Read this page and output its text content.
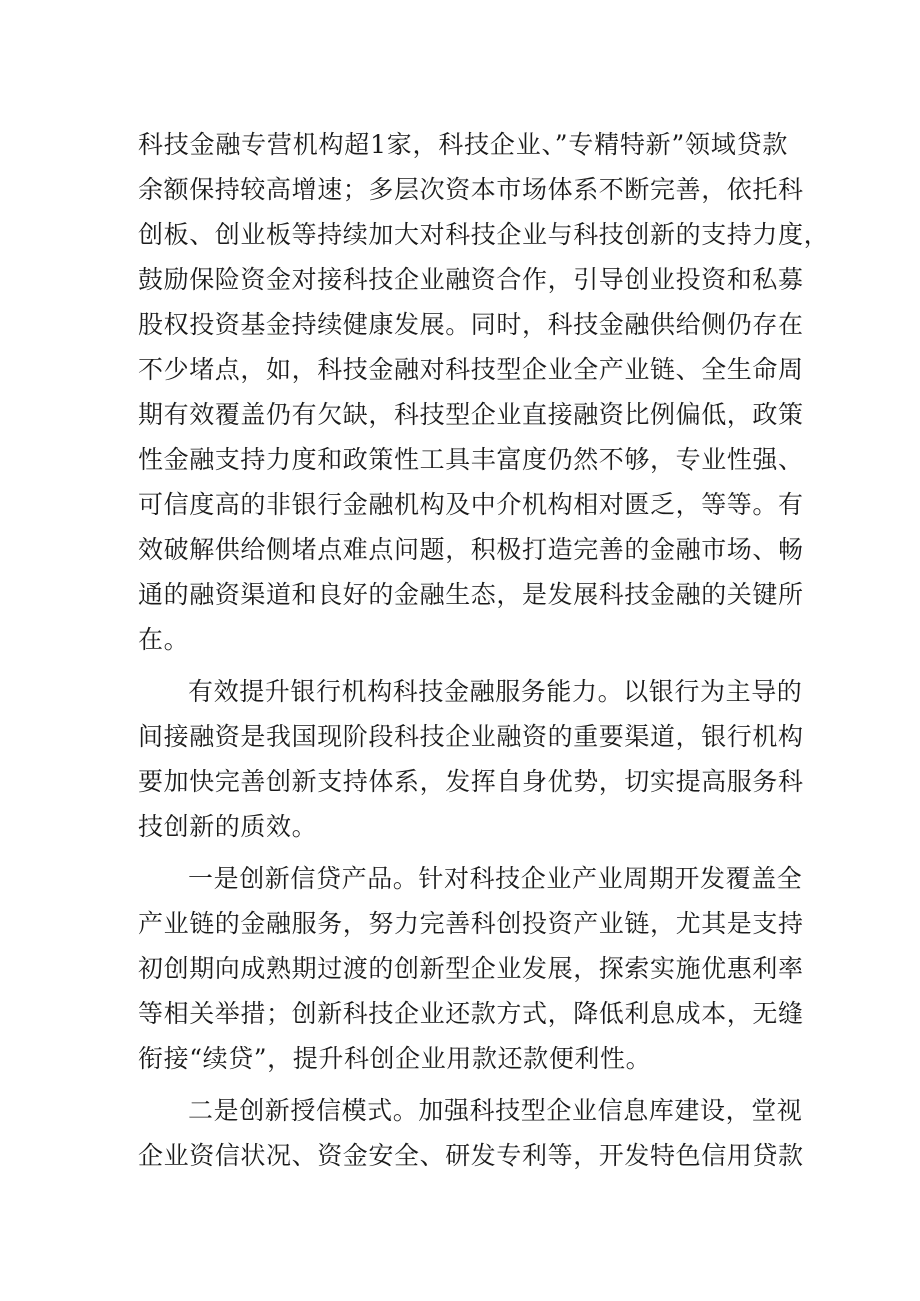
科技金融专营机构超1家，科技企业、”专精特新”领域贷款
余额保持较高增速；多层次资本市场体系不断完善，依托科
创板、创业板等持续加大对科技企业与科技创新的支持力度，
鼓励保险资金对接科技企业融资合作，引导创业投资和私募
股权投资基金持续健康发展。同时，科技金融供给侧仍存在
不少堵点，如，科技金融对科技型企业全产业链、全生命周
期有效覆盖仍有欠缺，科技型企业直接融资比例偏低，政策
性金融支持力度和政策性工具丰富度仍然不够，专业性强、
可信度高的非银行金融机构及中介机构相对匮乏，等等。有
效破解供给侧堵点难点问题，积极打造完善的金融市场、畅
通的融资渠道和良好的金融生态，是发展科技金融的关键所
在。

有效提升银行机构科技金融服务能力。以银行为主导的
间接融资是我国现阶段科技企业融资的重要渠道，银行机构
要加快完善创新支持体系，发挥自身优势，切实提高服务科
技创新的质效。

一是创新信贷产品。针对科技企业产业周期开发覆盖全
产业链的金融服务，努力完善科创投资产业链，尤其是支持
初创期向成熟期过渡的创新型企业发展，探索实施优惠利率
等相关举措；创新科技企业还款方式，降低利息成本，无缝
衔接“续贷”，提升科创企业用款还款便利性。

二是创新授信模式。加强科技型企业信息库建设，堂视
企业资信状况、资金安全、研发专利等，开发特色信用贷款
